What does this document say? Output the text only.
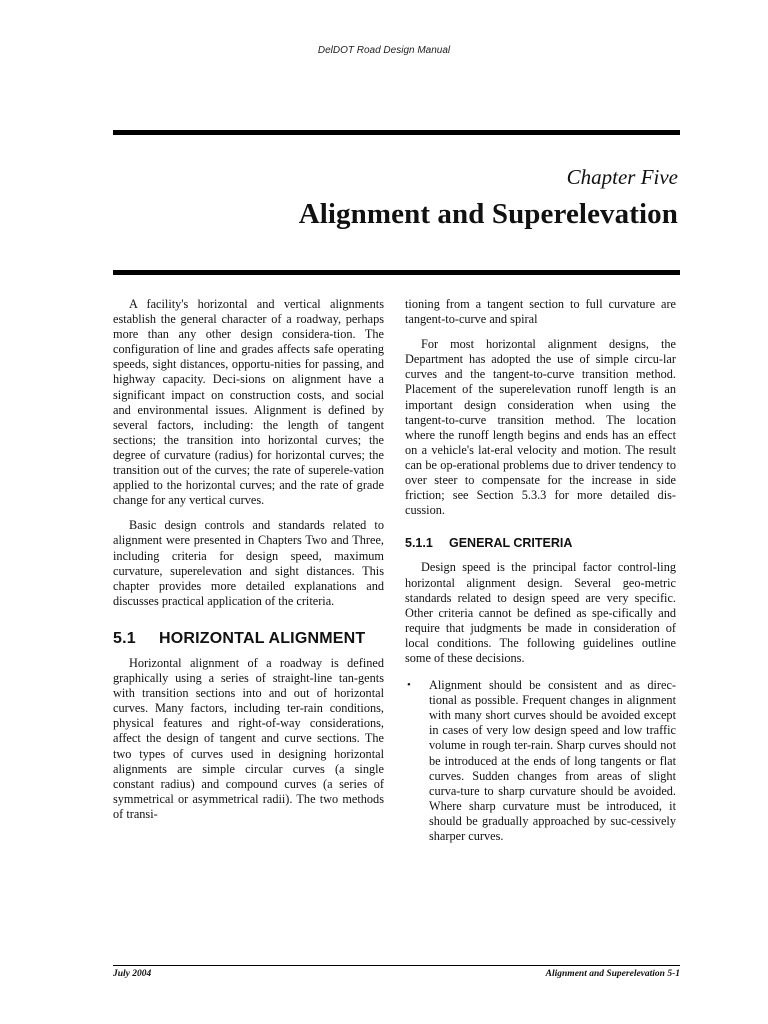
DelDOT Road Design Manual
Chapter Five
Alignment and Superelevation

A facility's horizontal and vertical alignments establish the general character of a roadway, perhaps more than any other design considera-tion. The configuration of line and grades affects safe operating speeds, sight distances, opportu-nities for passing, and highway capacity. Deci-sions on alignment have a significant impact on construction costs, and social and environmental issues. Alignment is defined by several factors, including: the length of tangent sections; the transition into horizontal curves; the degree of curvature (radius) for horizontal curves; the transition out of the curves; the rate of superele-vation applied to the horizontal curves; and the rate of grade change for any vertical curves.

Basic design controls and standards related to alignment were presented in Chapters Two and Three, including criteria for design speed, maximum curvature, superelevation and sight distances. This chapter provides more detailed explanations and discusses practical application of the criteria.

5.1 HORIZONTAL ALIGNMENT

Horizontal alignment of a roadway is defined graphically using a series of straight-line tan-gents with transition sections into and out of horizontal curves. Many factors, including ter-rain conditions, physical features and right-of-way considerations, affect the design of tangent and curve sections. The two types of curves used in designing horizontal alignments are simple circular curves (a single constant radius) and compound curves (a series of symmetrical or asymmetrical radii). The two methods of transi-

tioning from a tangent section to full curvature are tangent-to-curve and spiral

For most horizontal alignment designs, the Department has adopted the use of simple circu-lar curves and the tangent-to-curve transition method. Placement of the superelevation runoff length is an important design consideration when using the tangent-to-curve transition method. The location where the runoff length begins and ends has an effect on a vehicle's lat-eral velocity and motion. The result can be op-erational problems due to driver tendency to over steer to compensate for the increase in side friction; see Section 5.3.3 for more detailed dis-cussion.

5.1.1 GENERAL CRITERIA

Design speed is the principal factor control-ling horizontal alignment design. Several geo-metric standards related to design speed are very specific. Other criteria cannot be defined as spe-cifically and require that judgments be made in consideration of local conditions. The following guidelines outline some of these decisions.

• Alignment should be consistent and as direc-tional as possible. Frequent changes in alignment with many short curves should be avoided except in cases of very low design speed and low traffic volume in rough ter-rain. Sharp curves should not be introduced at the ends of long tangents or flat curves. Sudden changes from areas of slight curva-ture to sharp curvature should be avoided. Where sharp curvature must be introduced, it should be gradually approached by suc-cessively sharper curves.
July 2004	Alignment and Superelevation 5-1
